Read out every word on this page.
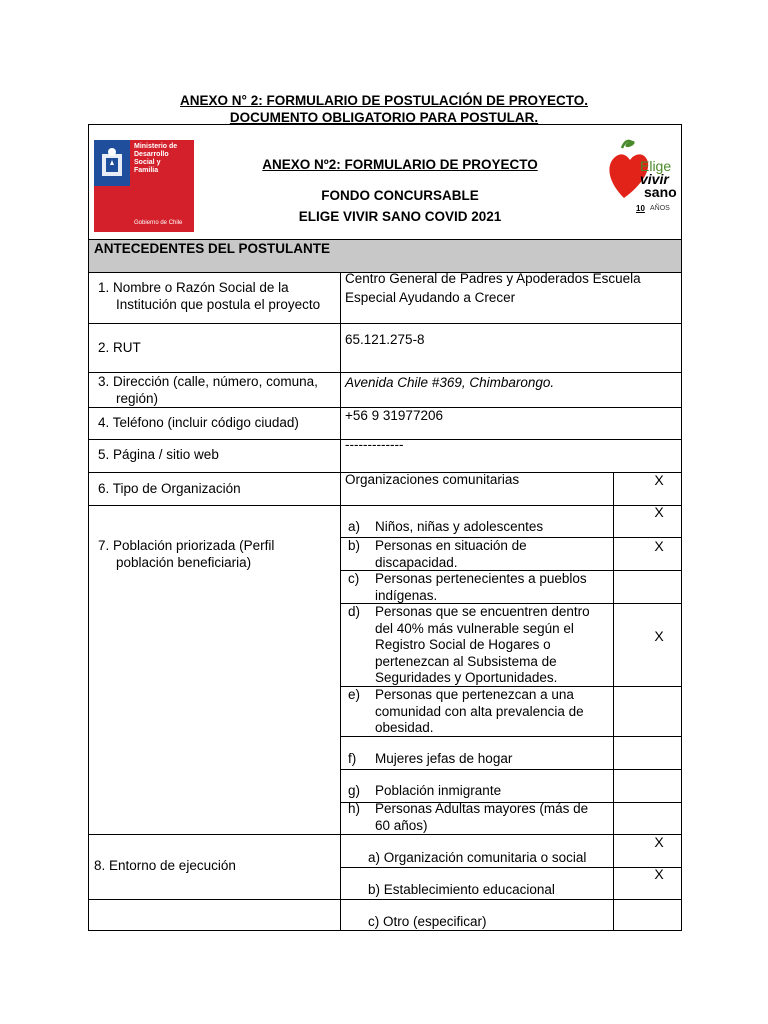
ANEXO N° 2: FORMULARIO DE POSTULACIÓN DE PROYECTO.
DOCUMENTO OBLIGATORIO PARA POSTULAR.
Ministerio de
Desarrollo
Social y
Familia
Gobierno de Chile
ANEXO Nº2: FORMULARIO DE PROYECTO
FONDO CONCURSABLE
ELIGE VIVIR SANO COVID 2021
Elige
vivir
sano
10 AÑOS
ANTECEDENTES DEL POSTULANTE
1. Nombre o Razón Social de la
Institución que postula el proyecto
Centro General de Padres y Apoderados Escuela
Especial Ayudando a Crecer
2. RUT
65.121.275-8
3. Dirección (calle, número, comuna,
región)
Avenida Chile #369, Chimbarongo.
4. Teléfono (incluir código ciudad)	+56 9 31977206
5. Página / sitio web
-------------
6. Tipo de Organización
Organizaciones comunitarias	X
7. Población priorizada (Perfil
población beneficiaria)
X
a) Niños, niñas y adolescentes
b) Personas en situación de
discapacidad.
X
c) Personas pertenecientes a pueblos
indígenas.
d) Personas que se encuentren dentro
del 40% más vulnerable según el
Registro Social de Hogares o
pertenezcan al Subsistema de
Seguridades y Oportunidades.
X
e) Personas que pertenezcan a una
comunidad con alta prevalencia de
obesidad.
f) Mujeres jefas de hogar
g) Población inmigrante
h) Personas Adultas mayores (más de
60 años)
8. Entorno de ejecución
a) Organización comunitaria o social
X
b) Establecimiento educacional
X
c) Otro (especificar)
